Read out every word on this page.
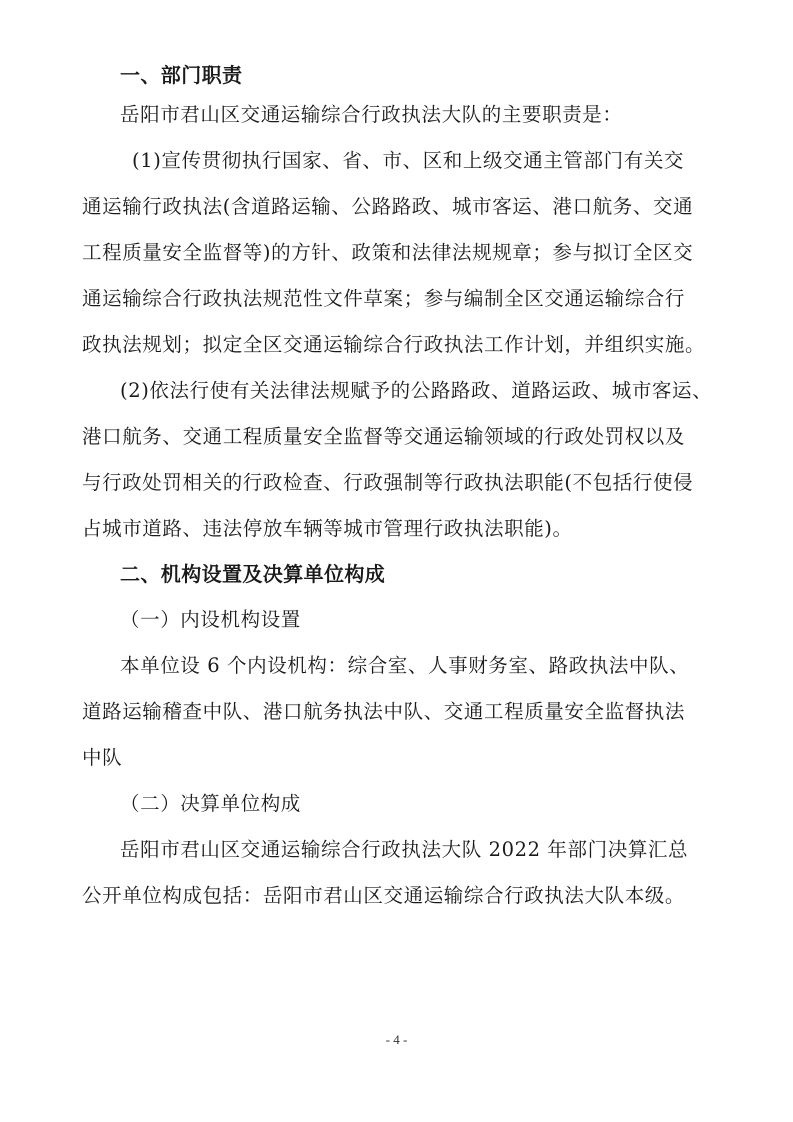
一、部门职责
岳阳市君山区交通运输综合行政执法大队的主要职责是：
(1)宣传贯彻执行国家、省、市、区和上级交通主管部门有关交
通运输行政执法(含道路运输、公路路政、城市客运、港口航务、交通
工程质量安全监督等)的方针、政策和法律法规规章；参与拟订全区交
通运输综合行政执法规范性文件草案；参与编制全区交通运输综合行
政执法规划；拟定全区交通运输综合行政执法工作计划，并组织实施。
(2)依法行使有关法律法规赋予的公路路政、道路运政、城市客运、
港口航务、交通工程质量安全监督等交通运输领域的行政处罚权以及
与行政处罚相关的行政检查、行政强制等行政执法职能(不包括行使侵
占城市道路、违法停放车辆等城市管理行政执法职能)。
二、机构设置及决算单位构成
（一）内设机构设置
本单位设 6 个内设机构：综合室、人事财务室、路政执法中队、
道路运输稽查中队、港口航务执法中队、交通工程质量安全监督执法
中队
（二）决算单位构成
岳阳市君山区交通运输综合行政执法大队 2022 年部门决算汇总
公开单位构成包括：岳阳市君山区交通运输综合行政执法大队本级。
- 4 -
